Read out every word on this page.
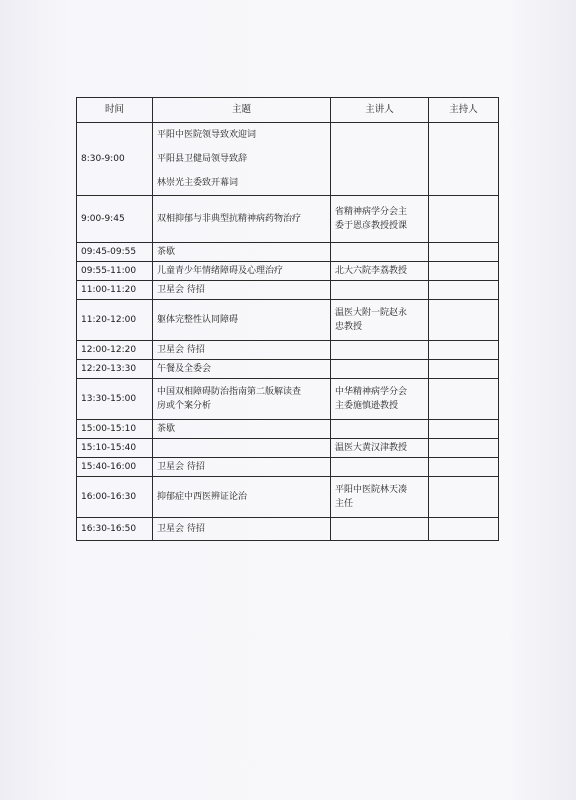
时间	主题	主讲人	主持人
8:30-9:00	平阳中医院领导致欢迎词
平阳县卫健局领导致辞
林崇光主委致开幕词		

9:00-9:45	双相抑郁与非典型抗精神病药物治疗	省精神病学分会主
委于恩彦教授授课	

09:45-09:55	茶歇		
09:55-11:00	儿童青少年情绪障碍及心理治疗	北大六院李荔教授	
11:00-11:20	卫星会 待招		
11:20-12:00	躯体完整性认同障碍	温医大附一院赵永
忠教授	

12:00-12:20	卫星会 待招		
12:20-13:30	午餐及全委会		
13:30-15:00	中国双相障碍防治指南第二版解读查
房或个案分析	中华精神病学分会
主委施慎逊教授	

15:00-15:10	茶歇		
15:10-15:40		温医大黄汉津教授	
15:40-16:00	卫星会 待招		
16:00-16:30	抑郁症中西医辨证论治	平阳中医院林天凑
主任	

16:30-16:50	卫星会 待招		
